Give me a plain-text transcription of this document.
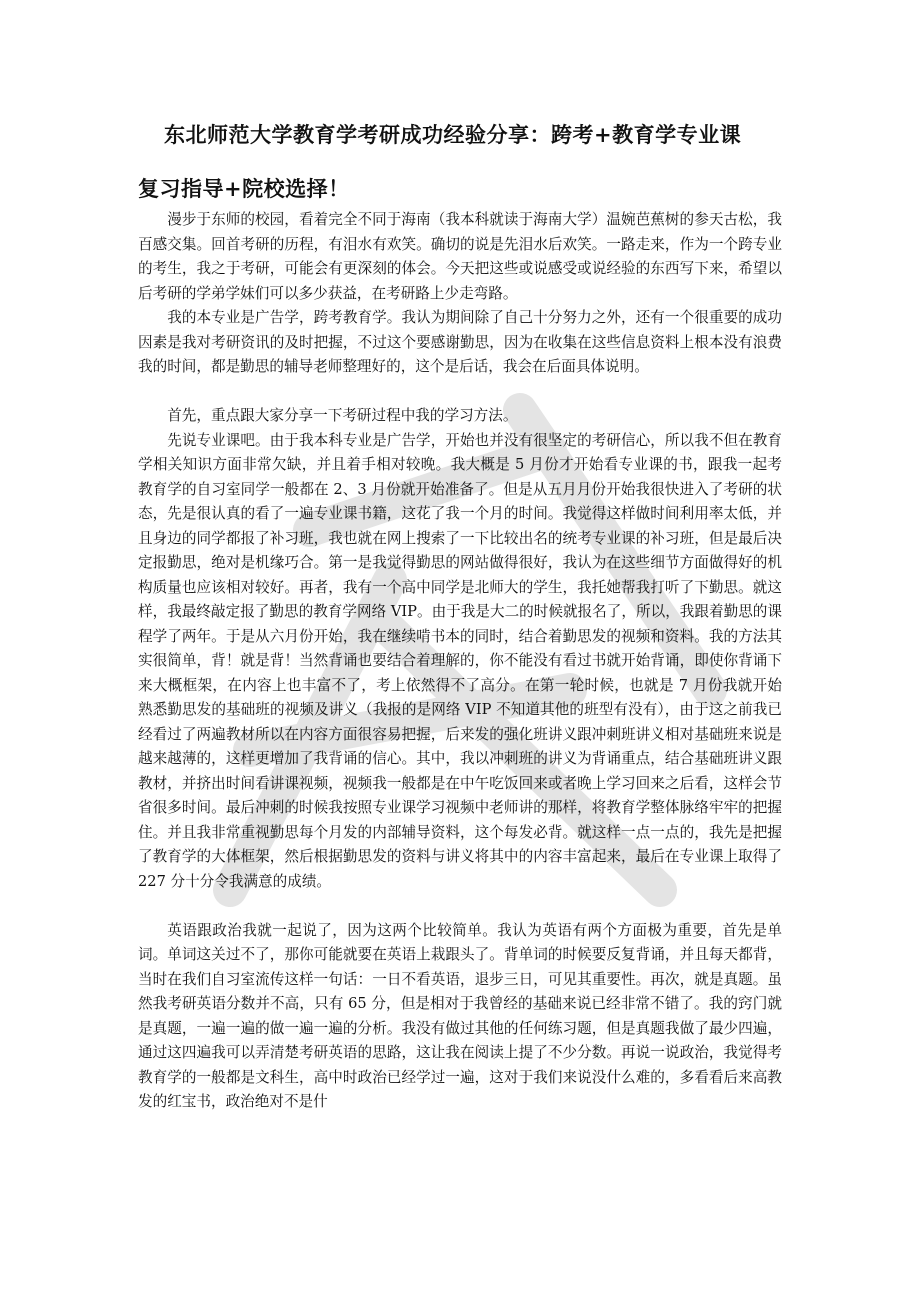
东北师范大学教育学考研成功经验分享：跨考+教育学专业课
复习指导+院校选择！

漫步于东师的校园，看着完全不同于海南（我本科就读于海南大学）温婉芭蕉树的参天古松，我百感交集。回首考研的历程，有泪水有欢笑。确切的说是先泪水后欢笑。一路走来，作为一个跨专业的考生，我之于考研，可能会有更深刻的体会。今天把这些或说感受或说经验的东西写下来，希望以后考研的学弟学妹们可以多少获益，在考研路上少走弯路。

我的本专业是广告学，跨考教育学。我认为期间除了自己十分努力之外，还有一个很重要的成功因素是我对考研资讯的及时把握，不过这个要感谢勤思，因为在收集在这些信息资料上根本没有浪费我的时间，都是勤思的辅导老师整理好的，这个是后话，我会在后面具体说明。

首先，重点跟大家分享一下考研过程中我的学习方法。

先说专业课吧。由于我本科专业是广告学，开始也并没有很坚定的考研信心，所以我不但在教育学相关知识方面非常欠缺，并且着手相对较晚。我大概是 5 月份才开始看专业课的书，跟我一起考教育学的自习室同学一般都在 2、3 月份就开始准备了。但是从五月月份开始我很快进入了考研的状态，先是很认真的看了一遍专业课书籍，这花了我一个月的时间。我觉得这样做时间利用率太低，并且身边的同学都报了补习班，我也就在网上搜索了一下比较出名的统考专业课的补习班，但是最后决定报勤思，绝对是机缘巧合。第一是我觉得勤思的网站做得很好，我认为在这些细节方面做得好的机构质量也应该相对较好。再者，我有一个高中同学是北师大的学生，我托她帮我打听了下勤思。就这样，我最终敲定报了勤思的教育学网络 VIP。由于我是大二的时候就报名了，所以，我跟着勤思的课程学了两年。于是从六月份开始，我在继续啃书本的同时，结合着勤思发的视频和资料。我的方法其实很简单，背！就是背！当然背诵也要结合着理解的，你不能没有看过书就开始背诵，即使你背诵下来大概框架，在内容上也丰富不了，考上依然得不了高分。在第一轮时候，也就是 7 月份我就开始熟悉勤思发的基础班的视频及讲义（我报的是网络 VIP 不知道其他的班型有没有），由于这之前我已经看过了两遍教材所以在内容方面很容易把握，后来发的强化班讲义跟冲刺班讲义相对基础班来说是越来越薄的，这样更增加了我背诵的信心。其中，我以冲刺班的讲义为背诵重点，结合基础班讲义跟教材，并挤出时间看讲课视频，视频我一般都是在中午吃饭回来或者晚上学习回来之后看，这样会节省很多时间。最后冲刺的时候我按照专业课学习视频中老师讲的那样，将教育学整体脉络牢牢的把握住。并且我非常重视勤思每个月发的内部辅导资料，这个每发必背。就这样一点一点的，我先是把握了教育学的大体框架，然后根据勤思发的资料与讲义将其中的内容丰富起来，最后在专业课上取得了 227 分十分令我满意的成绩。

英语跟政治我就一起说了，因为这两个比较简单。我认为英语有两个方面极为重要，首先是单词。单词这关过不了，那你可能就要在英语上栽跟头了。背单词的时候要反复背诵，并且每天都背，当时在我们自习室流传这样一句话：一日不看英语，退步三日，可见其重要性。再次，就是真题。虽然我考研英语分数并不高，只有 65 分，但是相对于我曾经的基础来说已经非常不错了。我的窍门就是真题，一遍一遍的做一遍一遍的分析。我没有做过其他的任何练习题，但是真题我做了最少四遍，通过这四遍我可以弄清楚考研英语的思路，这让我在阅读上提了不少分数。再说一说政治，我觉得考教育学的一般都是文科生，高中时政治已经学过一遍，这对于我们来说没什么难的，多看看后来高教发的红宝书，政治绝对不是什
